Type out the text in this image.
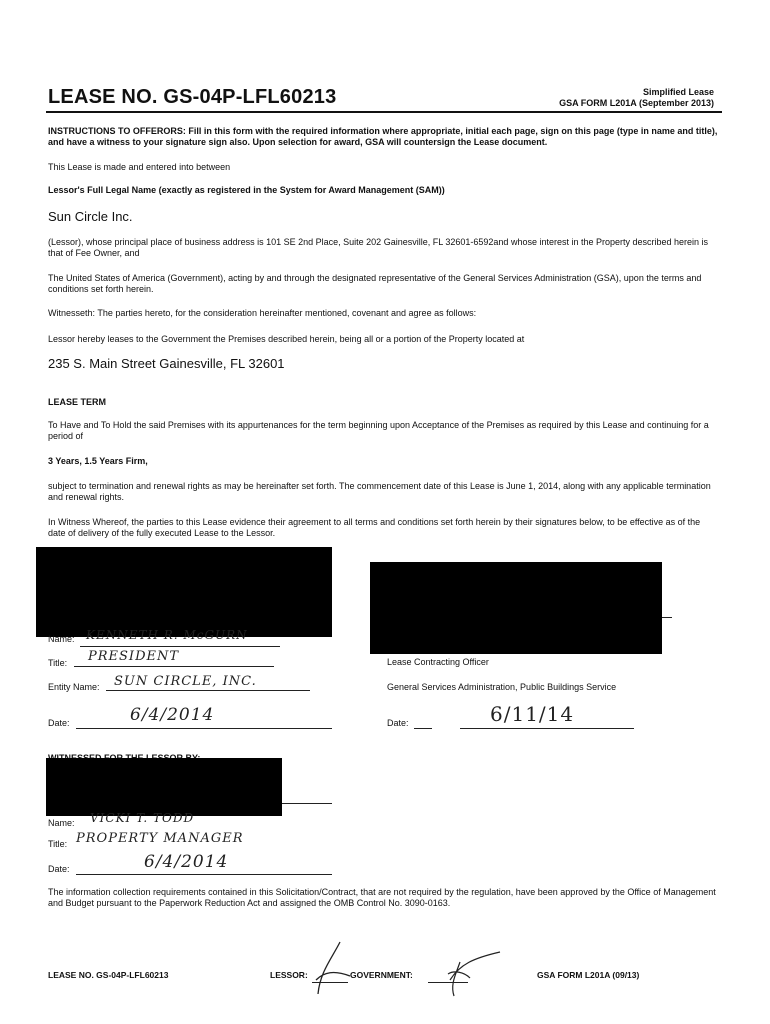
LEASE NO. GS-04P-LFL60213	Simplified Lease
GSA FORM L201A (September 2013)
INSTRUCTIONS TO OFFERORS: Fill in this form with the required information where appropriate, initial each page, sign on this page (type in name and title), and have a witness to your signature sign also. Upon selection for award, GSA will countersign the Lease document.
This Lease is made and entered into between
Lessor's Full Legal Name (exactly as registered in the System for Award Management (SAM))
Sun Circle Inc.
(Lessor), whose principal place of business address is 101 SE 2nd Place, Suite 202 Gainesville, FL 32601-6592and whose interest in the Property described herein is that of Fee Owner, and
The United States of America (Government), acting by and through the designated representative of the General Services Administration (GSA), upon the terms and conditions set forth herein.
Witnesseth: The parties hereto, for the consideration hereinafter mentioned, covenant and agree as follows:
Lessor hereby leases to the Government the Premises described herein, being all or a portion of the Property located at
235 S. Main Street Gainesville, FL 32601
LEASE TERM
To Have and To Hold the said Premises with its appurtenances for the term beginning upon Acceptance of the Premises as required by this Lease and continuing for a period of
3 Years, 1.5 Years Firm,
subject to termination and renewal rights as may be hereinafter set forth. The commencement date of this Lease is June 1, 2014, along with any applicable termination and renewal rights.
In Witness Whereof, the parties to this Lease evidence their agreement to all terms and conditions set forth herein by their signatures below, to be effective as of the date of delivery of the fully executed Lease to the Lessor.
Name: KENNETH R. McGURN
Title: PRESIDENT
Entity Name: SUN CIRCLE, INC.
Date:	6/4/2014
Lease Contracting Officer
General Services Administration, Public Buildings Service
Date:	6/11/14
Name: VICKI T. TODD
Title: PROPERTY MANAGER
Date:	6/4/2014
The information collection requirements contained in this Solicitation/Contract, that are not required by the regulation, have been approved by the Office of Management and Budget pursuant to the Paperwork Reduction Act and assigned the OMB Control No. 3090-0163.
LEASE NO. GS-04P-LFL60213	LESSOR:	GOVERNMENT:	GSA FORM L201A (09/13)
